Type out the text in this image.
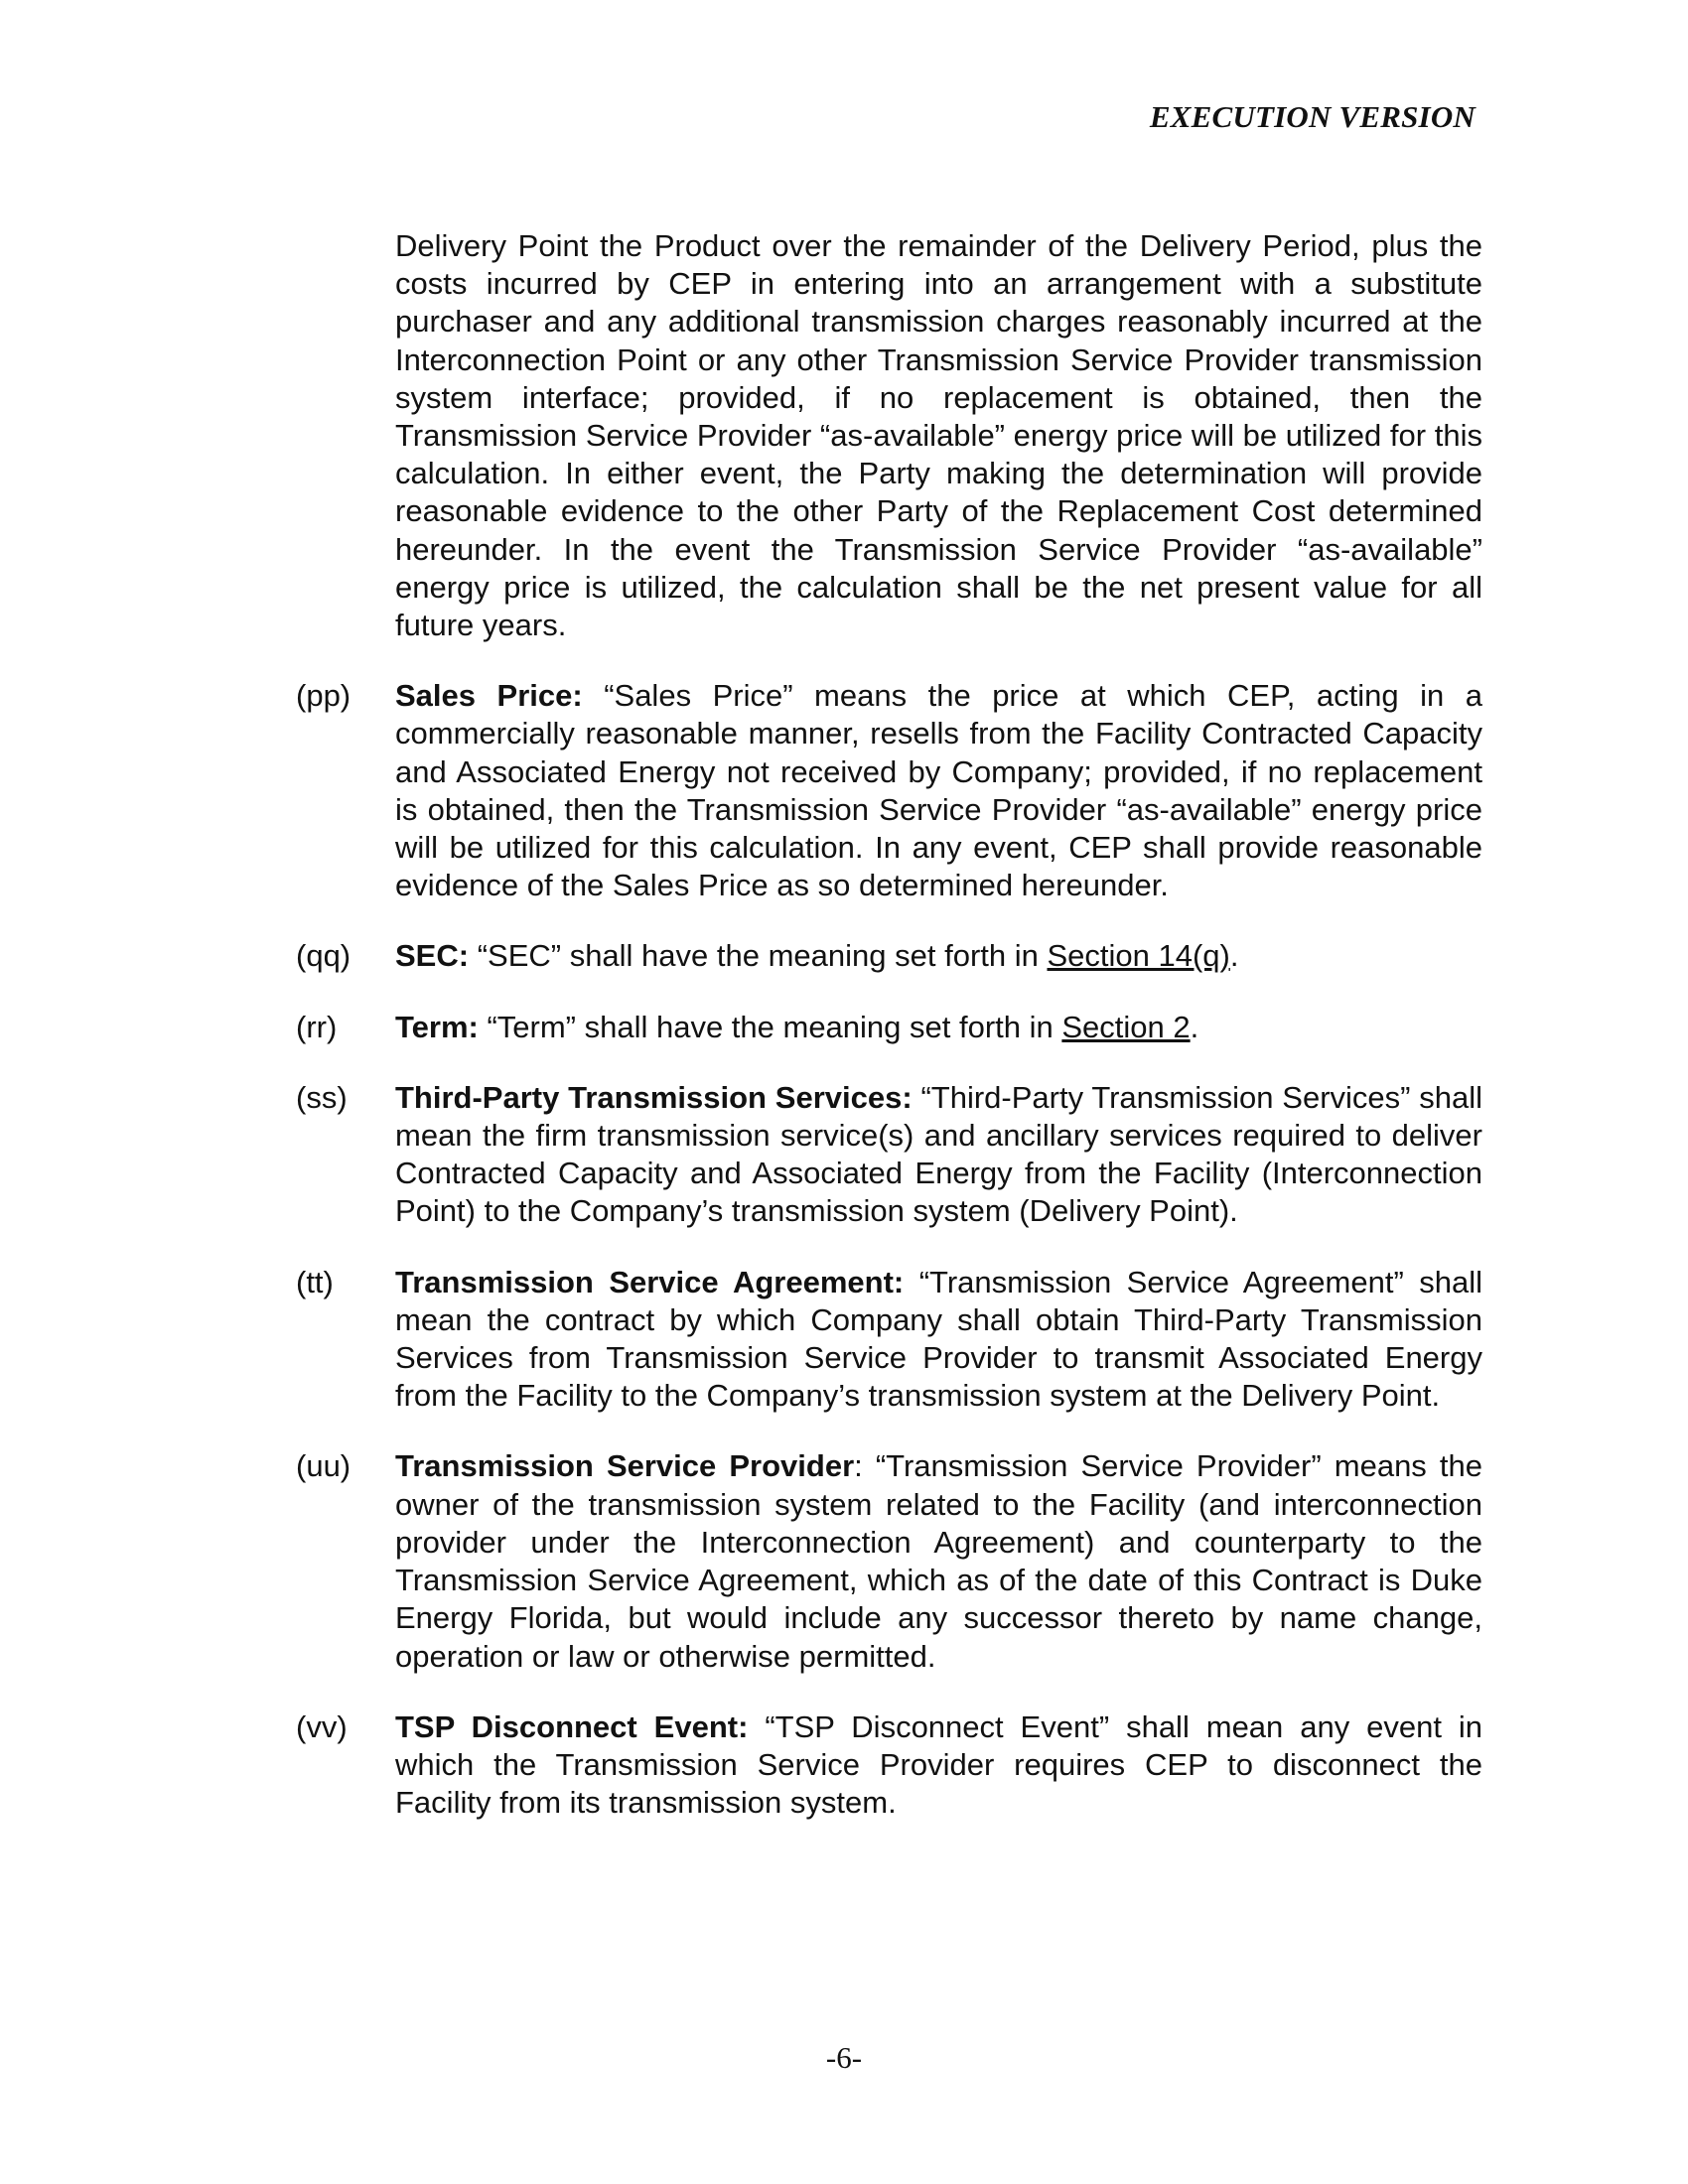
EXECUTION VERSION

Delivery Point the Product over the remainder of the Delivery Period, plus the costs incurred by CEP in entering into an arrangement with a substitute purchaser and any additional transmission charges reasonably incurred at the Interconnection Point or any other Transmission Service Provider transmission system interface; provided, if no replacement is obtained, then the Transmission Service Provider “as-available” energy price will be utilized for this calculation. In either event, the Party making the determination will provide reasonable evidence to the other Party of the Replacement Cost determined hereunder. In the event the Transmission Service Provider “as-available” energy price is utilized, the calculation shall be the net present value for all future years.

(pp) Sales Price: “Sales Price” means the price at which CEP, acting in a commercially reasonable manner, resells from the Facility Contracted Capacity and Associated Energy not received by Company; provided, if no replacement is obtained, then the Transmission Service Provider “as-available” energy price will be utilized for this calculation. In any event, CEP shall provide reasonable evidence of the Sales Price as so determined hereunder.
(qq) SEC: “SEC” shall have the meaning set forth in Section 14(q).
(rr) Term: “Term” shall have the meaning set forth in Section 2.
(ss) Third-Party Transmission Services: “Third-Party Transmission Services” shall mean the firm transmission service(s) and ancillary services required to deliver Contracted Capacity and Associated Energy from the Facility (Interconnection Point) to the Company’s transmission system (Delivery Point).
(tt) Transmission Service Agreement: “Transmission Service Agreement” shall mean the contract by which Company shall obtain Third-Party Transmission Services from Transmission Service Provider to transmit Associated Energy from the Facility to the Company’s transmission system at the Delivery Point.
(uu) Transmission Service Provider: “Transmission Service Provider” means the owner of the transmission system related to the Facility (and interconnection provider under the Interconnection Agreement) and counterparty to the Transmission Service Agreement, which as of the date of this Contract is Duke Energy Florida, but would include any successor thereto by name change, operation or law or otherwise permitted.
(vv) TSP Disconnect Event: “TSP Disconnect Event” shall mean any event in which the Transmission Service Provider requires CEP to disconnect the Facility from its transmission system.
-6-
